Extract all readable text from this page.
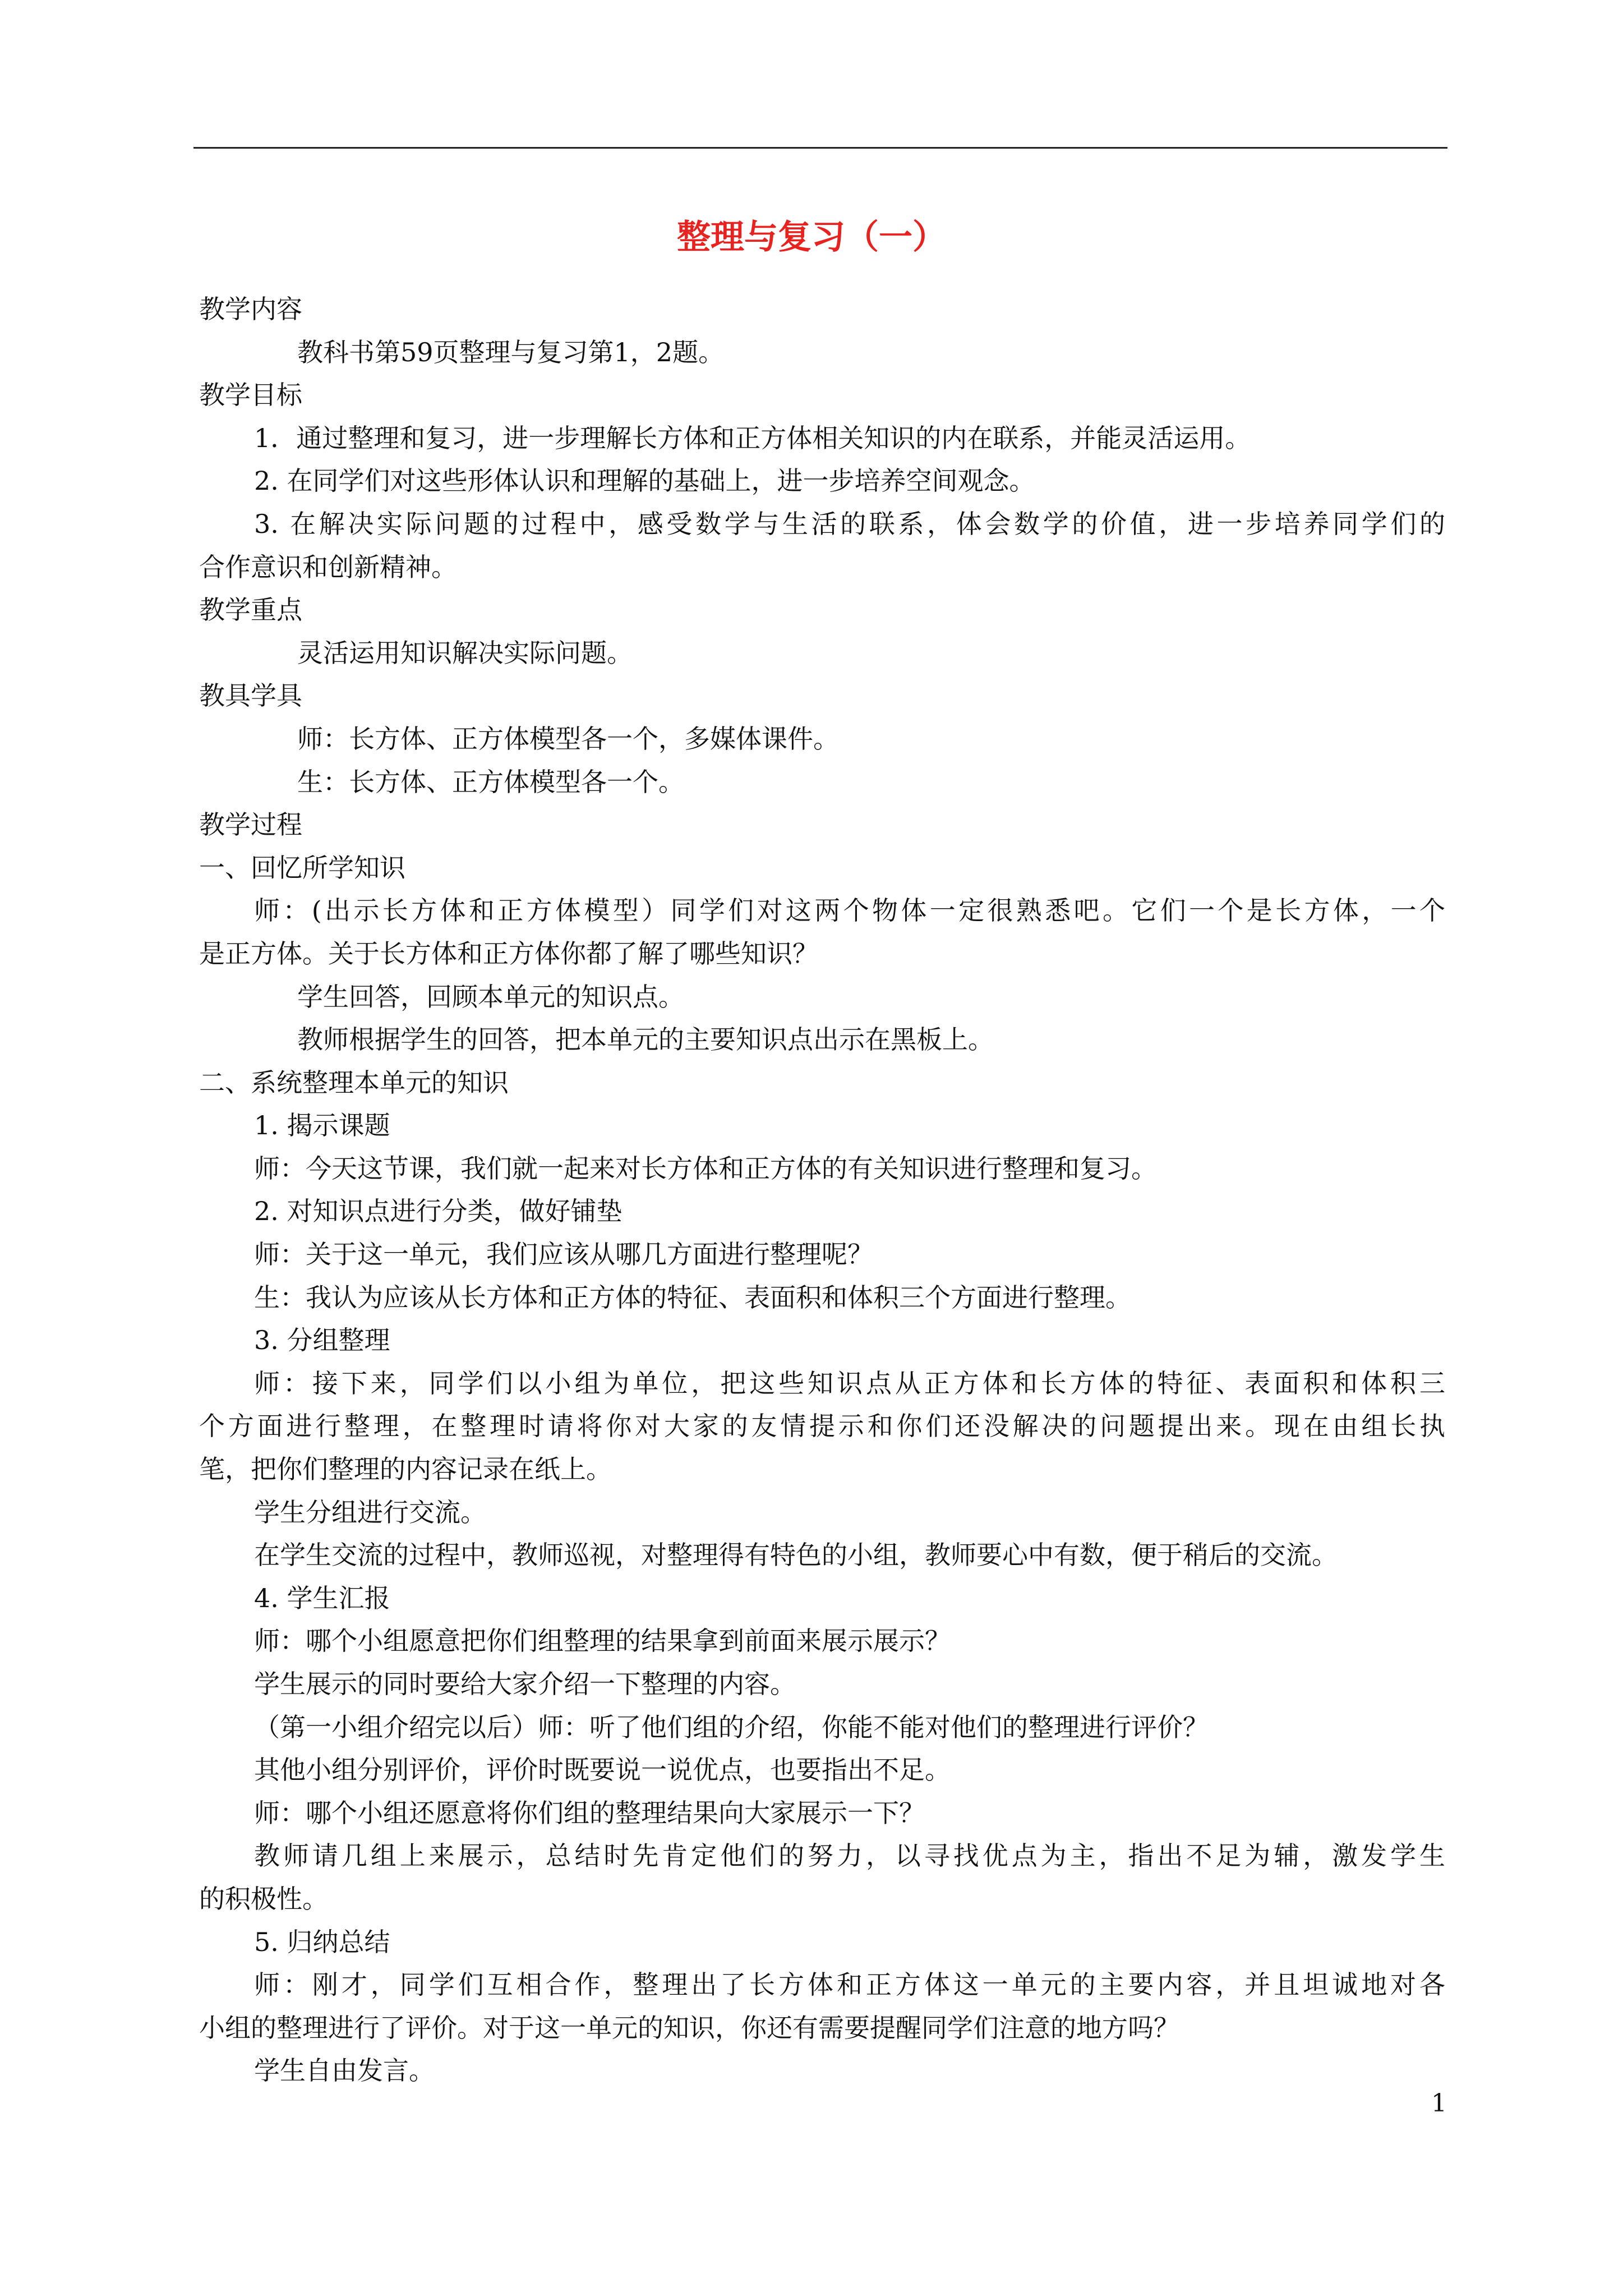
整理与复习（一）
教学内容
教科书第59页整理与复习第1，2题。
教学目标
1．通过整理和复习，进一步理解长方体和正方体相关知识的内在联系，并能灵活运用。
2. 在同学们对这些形体认识和理解的基础上，进一步培养空间观念。
3. 在解决实际问题的过程中，感受数学与生活的联系，体会数学的价值，进一步培养同学们的
合作意识和创新精神。
教学重点
灵活运用知识解决实际问题。
教具学具
师：长方体、正方体模型各一个，多媒体课件。
生：长方体、正方体模型各一个。
教学过程
一、回忆所学知识
师：(出示长方体和正方体模型）同学们对这两个物体一定很熟悉吧。它们一个是长方体，一个
是正方体。关于长方体和正方体你都了解了哪些知识？
学生回答，回顾本单元的知识点。
教师根据学生的回答，把本单元的主要知识点出示在黑板上。
二、系统整理本单元的知识
1. 揭示课题
师：今天这节课，我们就一起来对长方体和正方体的有关知识进行整理和复习。
2. 对知识点进行分类，做好铺垫
师：关于这一单元，我们应该从哪几方面进行整理呢？
生：我认为应该从长方体和正方体的特征、表面积和体积三个方面进行整理。
3. 分组整理
师：接下来，同学们以小组为单位，把这些知识点从正方体和长方体的特征、表面积和体积三
个方面进行整理，在整理时请将你对大家的友情提示和你们还没解决的问题提出来。现在由组长执
笔，把你们整理的内容记录在纸上。
学生分组进行交流。
在学生交流的过程中，教师巡视，对整理得有特色的小组，教师要心中有数，便于稍后的交流。
4. 学生汇报
师：哪个小组愿意把你们组整理的结果拿到前面来展示展示？
学生展示的同时要给大家介绍一下整理的内容。
（第一小组介绍完以后）师：听了他们组的介绍，你能不能对他们的整理进行评价？
其他小组分别评价，评价时既要说一说优点，也要指出不足。
师：哪个小组还愿意将你们组的整理结果向大家展示一下？
教师请几组上来展示，总结时先肯定他们的努力，以寻找优点为主，指出不足为辅，激发学生
的积极性。
5. 归纳总结
师：刚才，同学们互相合作，整理出了长方体和正方体这一单元的主要内容，并且坦诚地对各
小组的整理进行了评价。对于这一单元的知识，你还有需要提醒同学们注意的地方吗？
学生自由发言。
1
